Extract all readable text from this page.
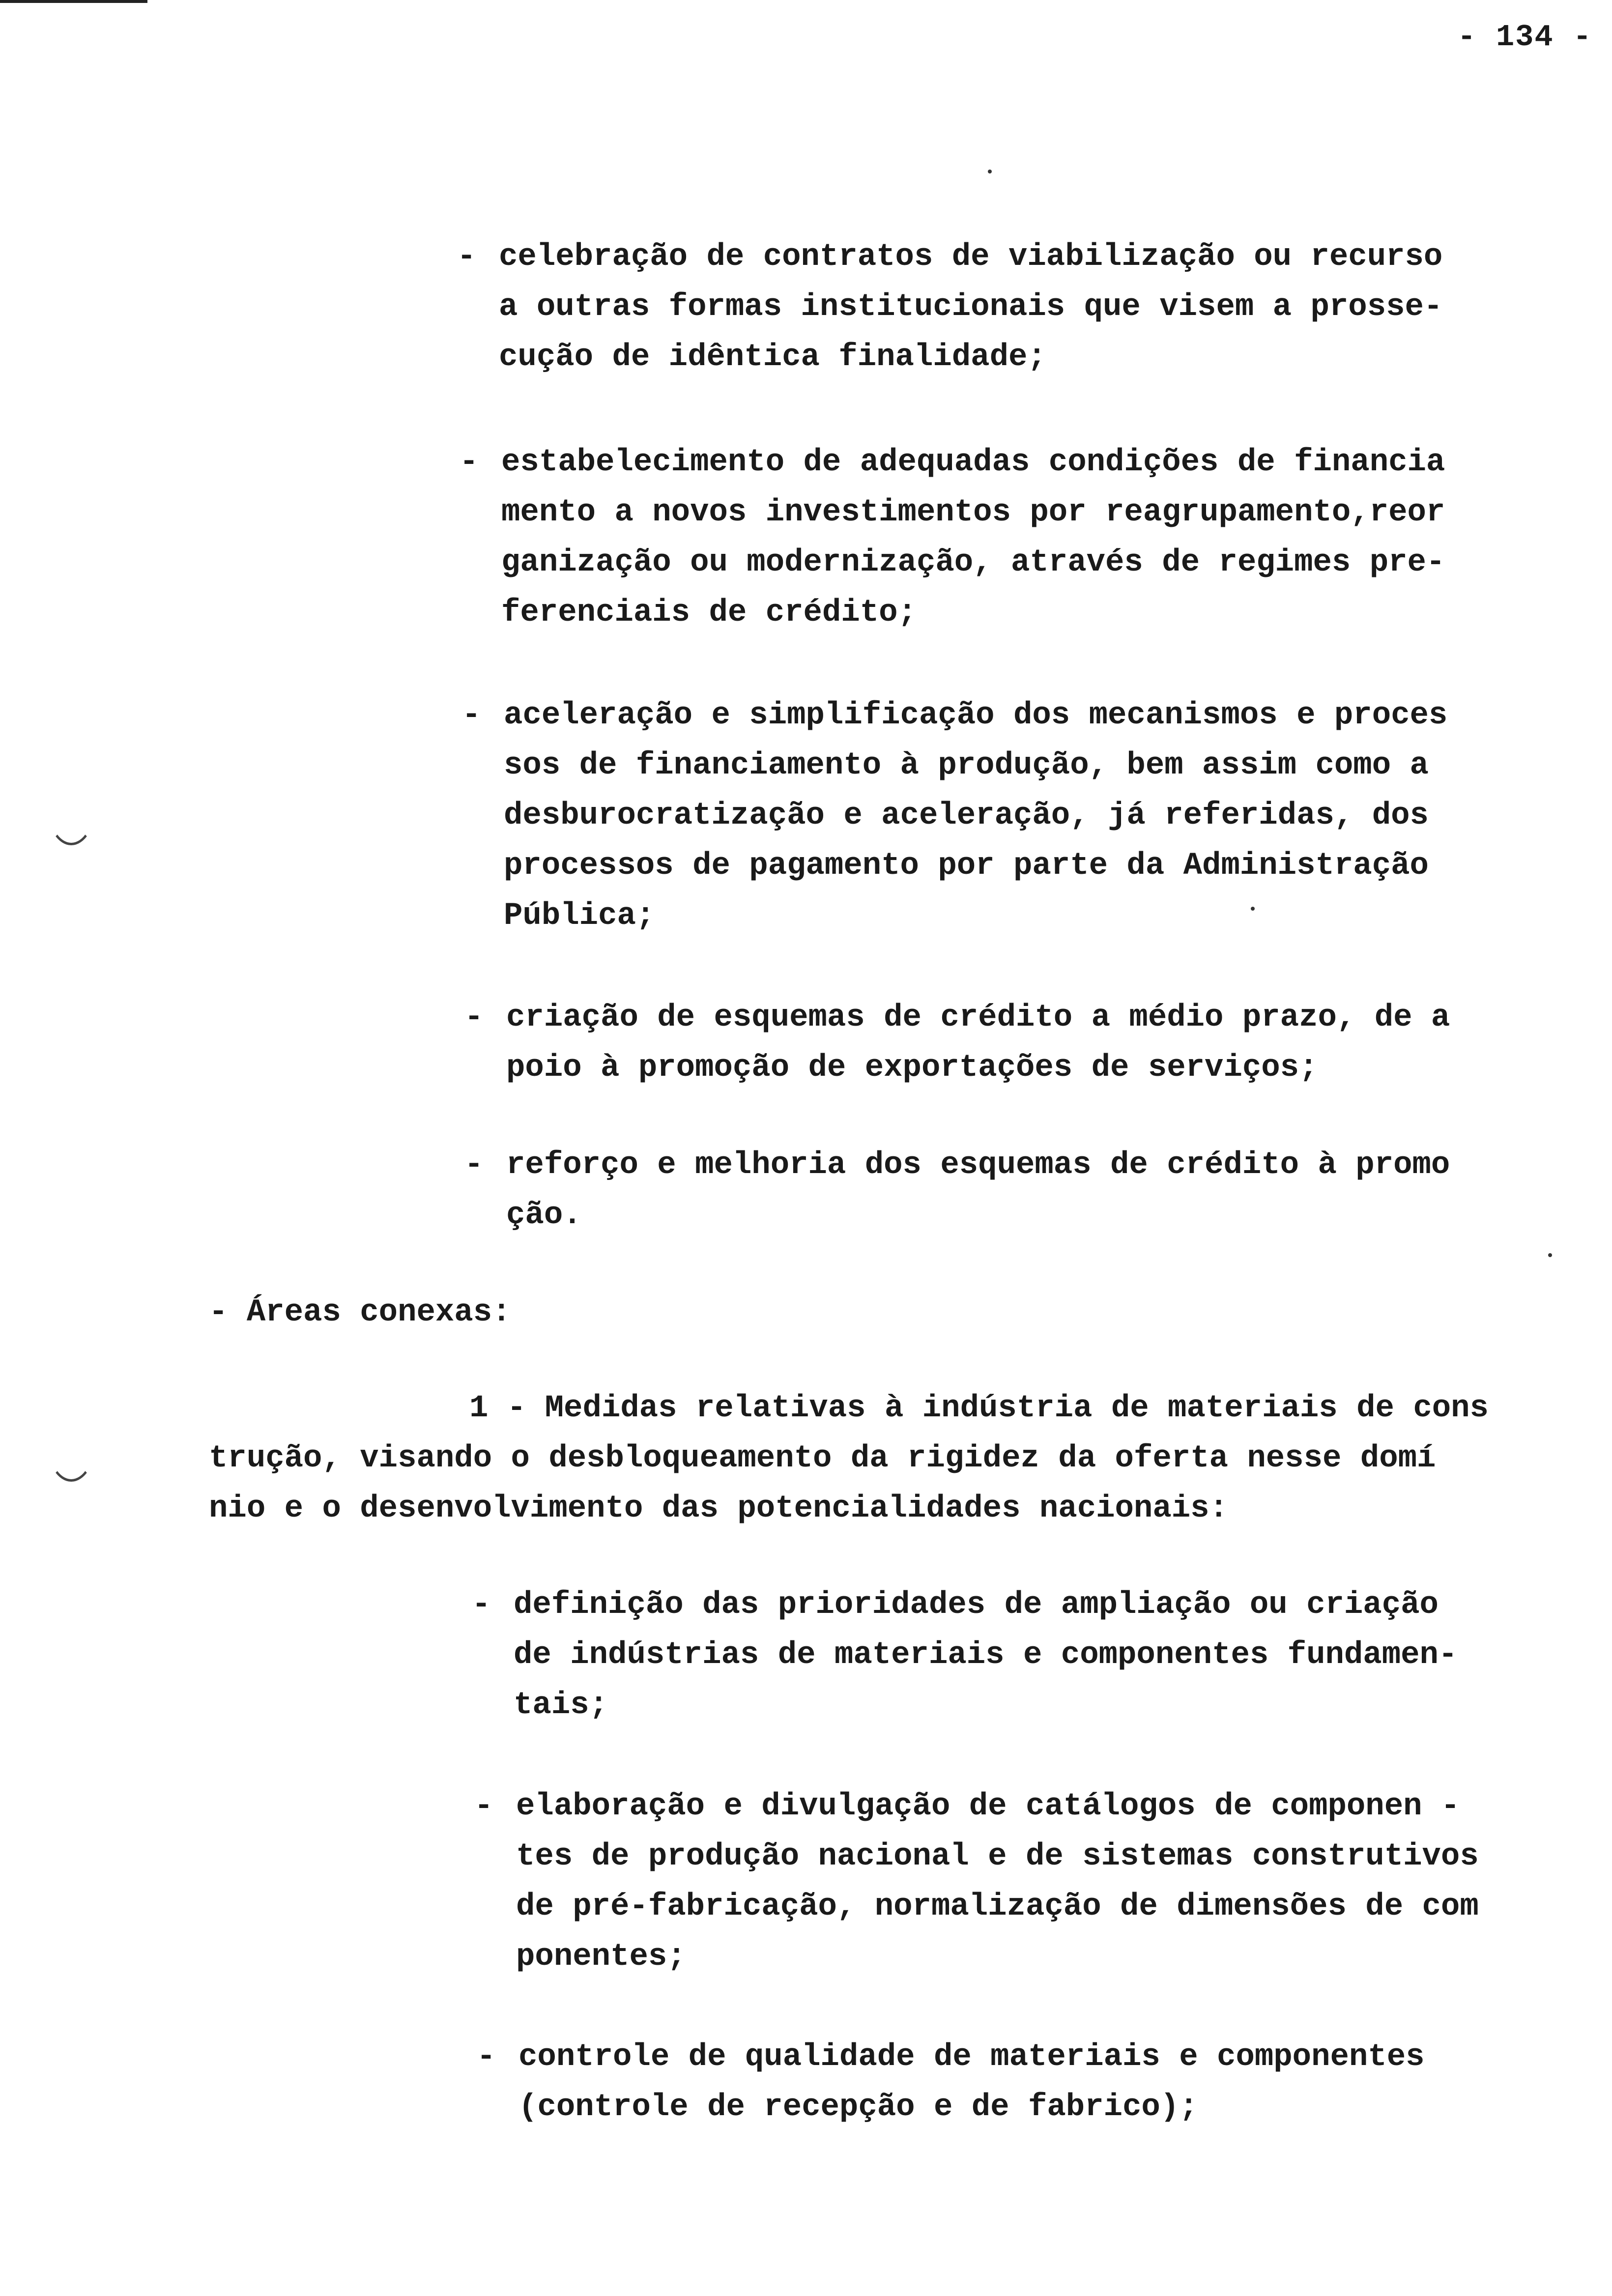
- 134 -
- celebração de contratos de viabilização ou recurso
a outras formas institucionais que visem a prosse-
cução de idêntica finalidade;
- estabelecimento de adequadas condições de financia
mento a novos investimentos por reagrupamento,reor
ganização ou modernização, através de regimes pre-
ferenciais de crédito;
- aceleração e simplificação dos mecanismos e proces
sos de financiamento à produção, bem assim como a
desburocratização e aceleração, já referidas, dos
processos de pagamento por parte da Administração
Pública;
- criação de esquemas de crédito a médio prazo, de a
poio à promoção de exportações de serviços;
- reforço e melhoria dos esquemas de crédito à promo
ção.
- Áreas conexas:
1 - Medidas relativas à indústria de materiais de cons
trução, visando o desbloqueamento da rigidez da oferta nesse domí
nio e o desenvolvimento das potencialidades nacionais:
- definição das prioridades de ampliação ou criação
de indústrias de materiais e componentes fundamen-
tais;
- elaboração e divulgação de catálogos de componen -
tes de produção nacional e de sistemas construtivos
de pré-fabricação, normalização de dimensões de com
ponentes;
- controle de qualidade de materiais e componentes
(controle de recepção e de fabrico);
